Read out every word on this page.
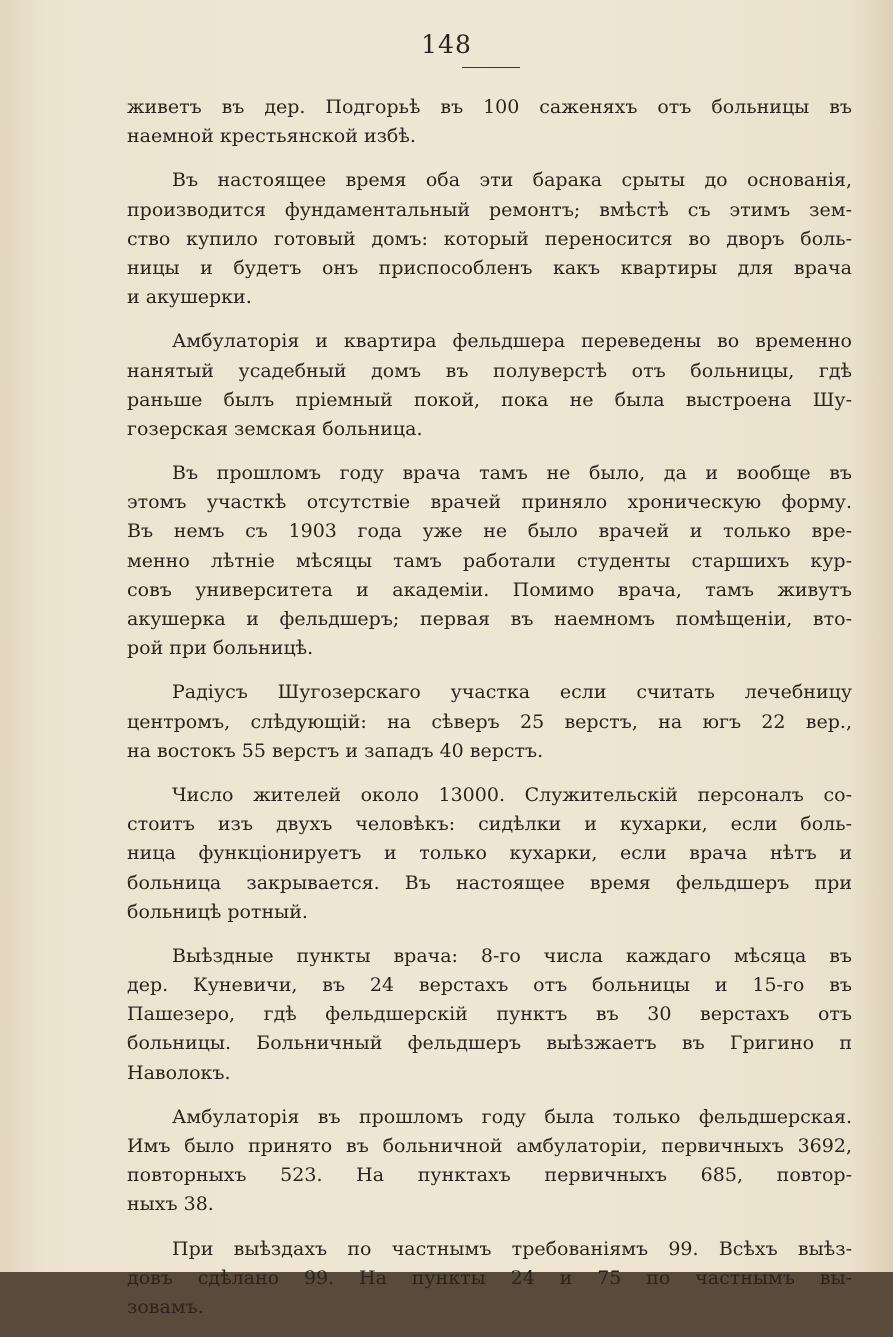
148
живетъ въ дер. Подгорьѣ въ 100 саженяхъ отъ больницы въ
наемной крестьянской избѣ.
Въ настоящее время оба эти барака срыты до основанія,
производится фундаментальный ремонтъ; вмѣстѣ съ этимъ зем-
ство купило готовый домъ: который переносится во дворъ боль-
ницы и будетъ онъ приспособленъ какъ квартиры для врача
и акушерки.
Амбулаторія и квартира фельдшера переведены во временно
нанятый усадебный домъ въ полуверстѣ отъ больницы, гдѣ
раньше былъ пріемный покой, пока не была выстроена Шу-
гозерская земская больница.
Въ прошломъ году врача тамъ не было, да и вообще въ
этомъ участкѣ отсутствіе врачей приняло хроническую форму.
Въ немъ съ 1903 года уже не было врачей и только вре-
менно лѣтніе мѣсяцы тамъ работали студенты старшихъ кур-
совъ университета и академіи. Помимо врача, тамъ живутъ
акушерка и фельдшеръ; первая въ наемномъ помѣщеніи, вто-
рой при больницѣ.
Радіусъ Шугозерскаго участка если считать лечебницу
центромъ, слѣдующій: на сѣверъ 25 верстъ, на югъ 22 вер.,
на востокъ 55 верстъ и западъ 40 верстъ.
Число жителей около 13000. Служительскій персоналъ со-
стоитъ изъ двухъ человѣкъ: сидѣлки и кухарки, если боль-
ница функціонируетъ и только кухарки, если врача нѣтъ и
больница закрывается. Въ настоящее время фельдшеръ при
больницѣ ротный.
Выѣздные пункты врача: 8-го числа каждаго мѣсяца въ
дер. Куневичи, въ 24 верстахъ отъ больницы и 15-го въ
Пашезеро, гдѣ фельдшерскій пунктъ въ 30 верстахъ отъ
больницы. Больничный фельдшеръ выѣзжаетъ въ Григино п
Наволокъ.
Амбулаторія въ прошломъ году была только фельдшерская.
Имъ было принято въ больничной амбулаторіи, первичныхъ 3692,
повторныхъ 523. На пунктахъ первичныхъ 685, повтор-
ныхъ 38.
При выѣздахъ по частнымъ требованіямъ 99. Всѣхъ выѣз-
довъ сдѣлано 99. На пункты 24 и 75 по частнымъ вы-
зовамъ.
